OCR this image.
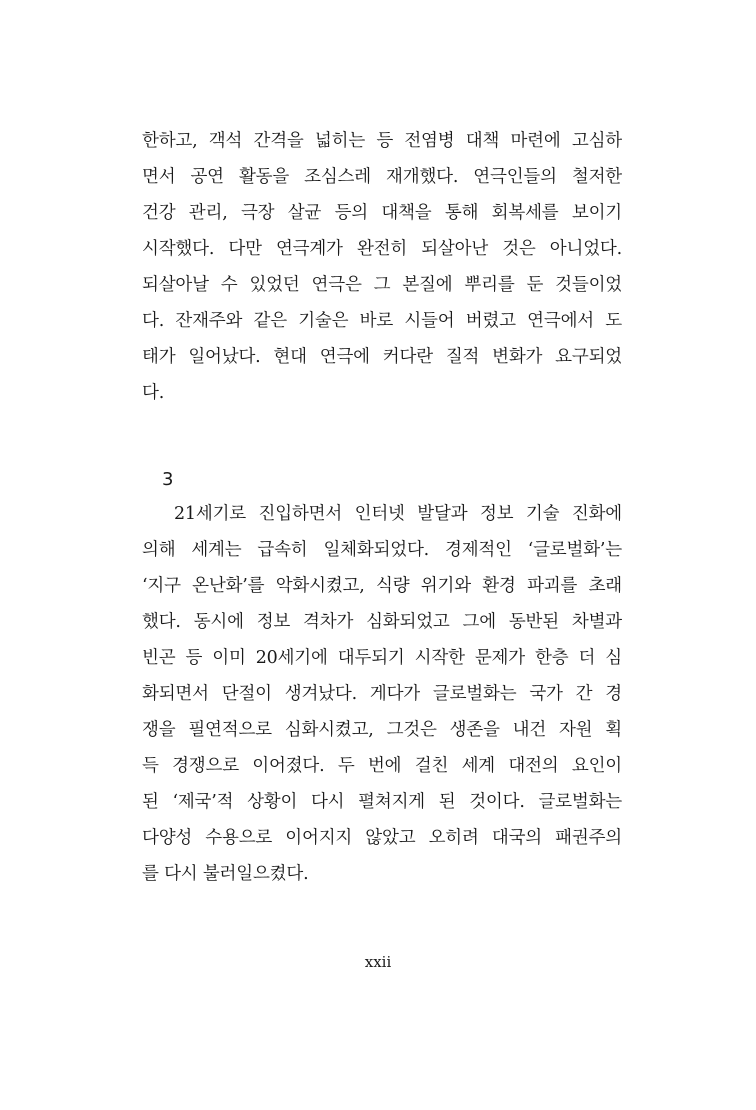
한하고, 객석 간격을 넓히는 등 전염병 대책 마련에 고심하
면서 공연 활동을 조심스레 재개했다. 연극인들의 철저한
건강 관리, 극장 살균 등의 대책을 통해 회복세를 보이기
시작했다. 다만 연극계가 완전히 되살아난 것은 아니었다.
되살아날 수 있었던 연극은 그 본질에 뿌리를 둔 것들이었
다. 잔재주와 같은 기술은 바로 시들어 버렸고 연극에서 도
태가 일어났다. 현대 연극에 커다란 질적 변화가 요구되었
다.
3
21세기로 진입하면서 인터넷 발달과 정보 기술 진화에
의해 세계는 급속히 일체화되었다. 경제적인 ‘글로벌화’는
‘지구 온난화’를 악화시켰고, 식량 위기와 환경 파괴를 초래
했다. 동시에 정보 격차가 심화되었고 그에 동반된 차별과
빈곤 등 이미 20세기에 대두되기 시작한 문제가 한층 더 심
화되면서 단절이 생겨났다. 게다가 글로벌화는 국가 간 경
쟁을 필연적으로 심화시켰고, 그것은 생존을 내건 자원 획
득 경쟁으로 이어졌다. 두 번에 걸친 세계 대전의 요인이
된 ‘제국’적 상황이 다시 펼쳐지게 된 것이다. 글로벌화는
다양성 수용으로 이어지지 않았고 오히려 대국의 패권주의
를 다시 불러일으켰다.
xxii
